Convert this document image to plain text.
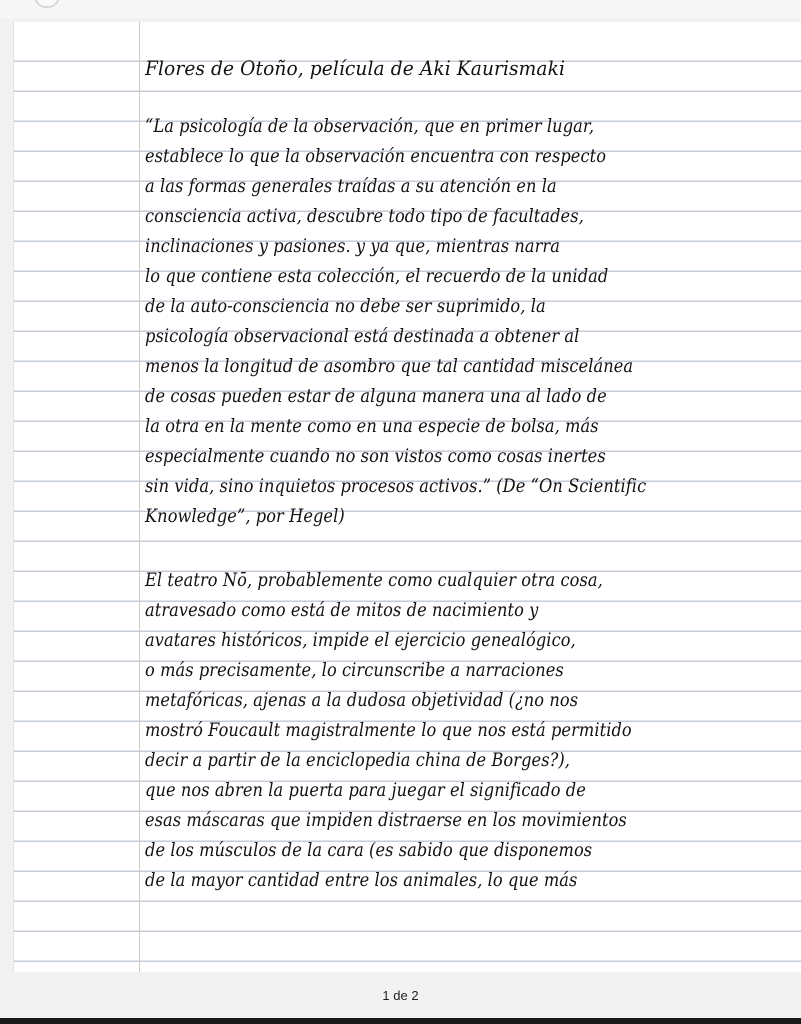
Flores de Otoño, película de Aki Kaurismaki
“La psicología de la observación, que en primer lugar,
establece lo que la observación encuentra con respecto
a las formas generales traídas a su atención en la
consciencia activa, descubre todo tipo de facultades,
inclinaciones y pasiones. y ya que, mientras narra
lo que contiene esta colección, el recuerdo de la unidad
de la auto-consciencia no debe ser suprimido, la
psicología observacional está destinada a obtener al
menos la longitud de asombro que tal cantidad miscelánea
de cosas pueden estar de alguna manera una al lado de
la otra en la mente como en una especie de bolsa, más
especialmente cuando no son vistos como cosas inertes
sin vida, sino inquietos procesos activos.” (De “On Scientific
Knowledge”, por Hegel)
El teatro Nō, probablemente como cualquier otra cosa,
atravesado como está de mitos de nacimiento y
avatares históricos, impide el ejercicio genealógico,
o más precisamente, lo circunscribe a narraciones
metafóricas, ajenas a la dudosa objetividad (¿no nos
mostró Foucault magistralmente lo que nos está permitido
decir a partir de la enciclopedia china de Borges?),
que nos abren la puerta para juegar el significado de
esas máscaras que impiden distraerse en los movimientos
de los músculos de la cara (es sabido que disponemos
de la mayor cantidad entre los animales, lo que más
1 de 2
